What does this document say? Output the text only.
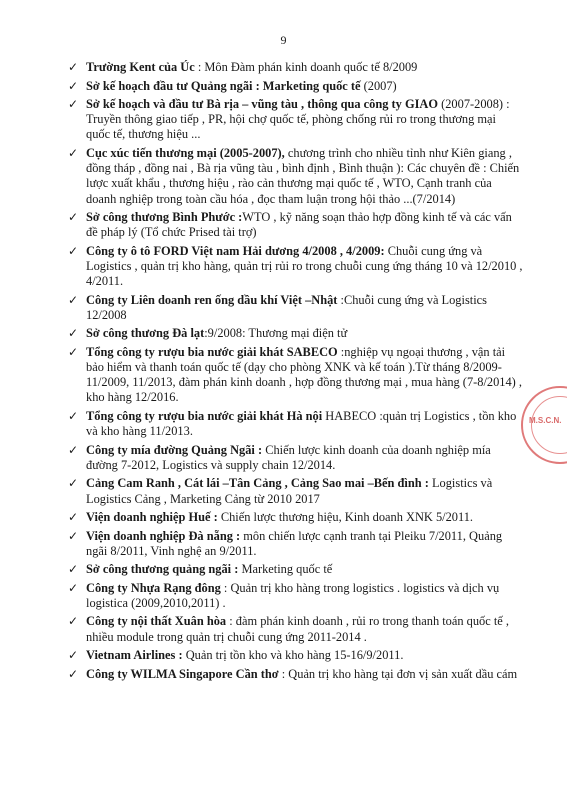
9
✓ Trường Kent của Úc : Môn Đàm phán kinh doanh quốc tế 8/2009
✓ Sở kế hoạch đầu tư Quảng ngãi : Marketing quốc tế (2007)
✓ Sở kế hoạch và đầu tư Bà rịa – vũng tàu , thông qua công ty GIAO (2007-2008) : Truyền thông giao tiếp , PR, hội chợ quốc tế, phòng chống rủi ro trong thương mại quốc tế, thương hiệu ...
✓ Cục xúc tiến thương mại (2005-2007), chương trình cho nhiều tỉnh như Kiên giang , đồng tháp , đồng nai , Bà rịa vũng tàu , bình định , Bình thuận ): Các chuyên đề : Chiến lược xuất khẩu , thương hiệu , rào cản thương mại quốc tế , WTO, Cạnh tranh của doanh nghiệp trong toàn cầu hóa , đọc tham luận trong hội thảo ...(7/2014)
✓ Sở công thương Bình Phước :WTO , kỹ năng soạn thảo hợp đồng kinh tế và các vấn đề pháp lý (Tổ chức Prised tài trợ)
✓ Công ty ô tô FORD Việt nam Hải dương 4/2008 , 4/2009: Chuỗi cung ứng và Logistics , quản trị kho hàng, quản trị rủi ro trong chuỗi cung ứng tháng 10 và 12/2010 , 4/2011.
✓ Công ty Liên doanh ren ống dầu khí Việt –Nhật :Chuỗi cung ứng và Logistics 12/2008
✓ Sở công thương Đà lạt:9/2008: Thương mại điện tử
✓ Tổng công ty rượu bia nước giải khát SABECO :nghiệp vụ ngoại thương , vận tải bảo hiểm và thanh toán quốc tế (dạy cho phòng XNK và kế toán ).Từ tháng 8/2009-11/2009, 11/2013, đàm phán kinh doanh , hợp đồng thương mại , mua hàng (7-8/2014) , kho hàng 12/2016.
✓ Tổng công ty rượu bia nước giải khát Hà nội HABECO :quản trị Logistics , tồn kho và kho hàng 11/2013.
✓ Công ty mía đường Quảng Ngãi : Chiến lược kinh doanh của doanh nghiệp mía đường 7-2012, Logistics và supply chain 12/2014.
✓ Cảng Cam Ranh , Cát lái –Tân Cảng , Cảng Sao mai –Bến đình : Logistics và Logistics Cảng , Marketing Cảng từ 2010 2017
✓ Viện doanh nghiệp Huế : Chiến lược thương hiệu, Kinh doanh XNK 5/2011.
✓ Viện doanh nghiệp Đà nẵng : môn chiến lược cạnh tranh tại Pleiku 7/2011, Quảng ngãi 8/2011, Vinh nghệ an 9/2011.
✓ Sở công thương quảng ngãi : Marketing quốc tế
✓ Công ty Nhựa Rạng đông : Quản trị kho hàng trong logistics . logistics và dịch vụ logistica (2009,2010,2011) .
✓ Công ty nội thất Xuân hòa : đàm phán kinh doanh , rủi ro trong thanh toán quốc tế , nhiều module trong quản trị chuỗi cung ứng 2011-2014 .
✓ Vietnam Airlines : Quản trị tồn kho và kho hàng 15-16/9/2011.
✓ Công ty WILMA Singapore Cần thơ : Quản trị kho hàng tại đơn vị sản xuất dầu cám
M.S.C.N.
